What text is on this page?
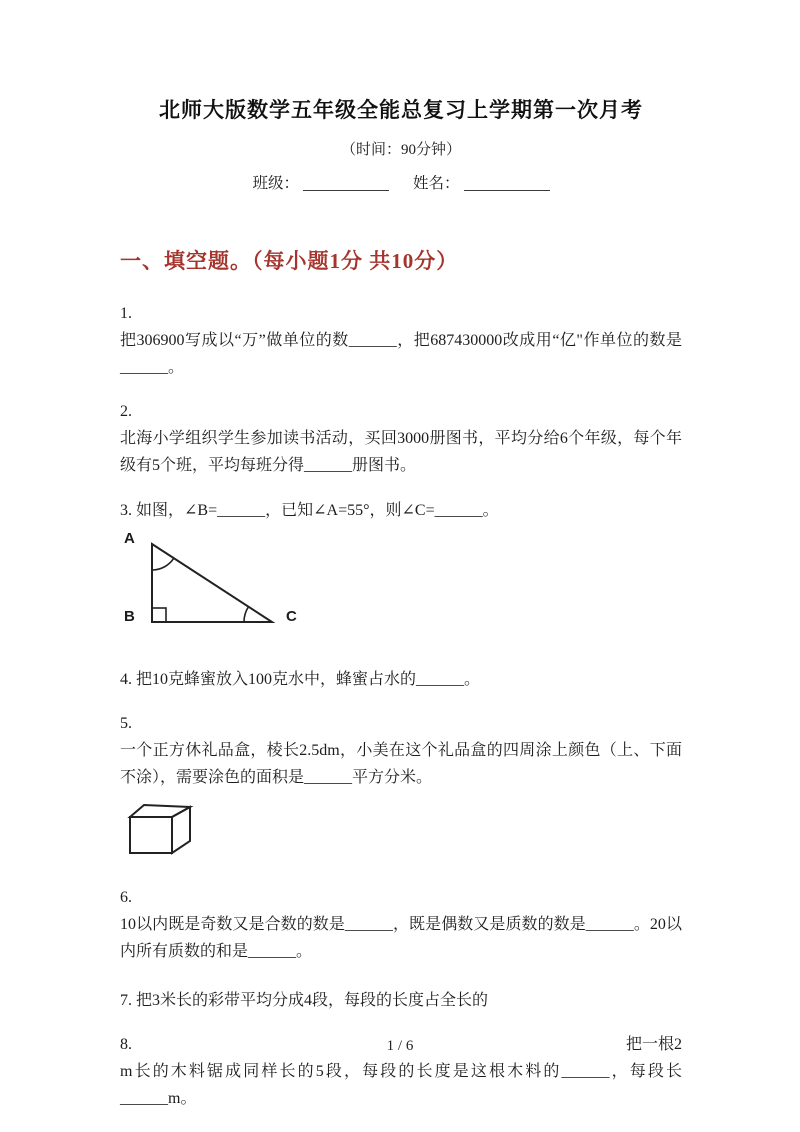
北师大版数学五年级全能总复习上学期第一次月考

（时间：90分钟）

班级：	姓名：

一、填空题。（每小题1分 共10分）
1.

把306900写成以“万”做单位的数______，把687430000改成用“亿"作单位的数是______。

2.

北海小学组织学生参加读书活动，买回3000册图书，平均分给6个年级，每个年级有5个班，平均每班分得______册图书。

3. 如图，∠B=______，已知∠A=55°，则∠C=______。

A
B	C

4. 把10克蜂蜜放入100克水中，蜂蜜占水的______。

5.

一个正方休礼品盒，棱长2.5dm，小美在这个礼品盒的四周涂上颜色（上、下面不涂），需要涂色的面积是______平方分米。

6.

10以内既是奇数又是合数的数是______，既是偶数又是质数的数是______。20以内所有质数的和是______。

7. 把3米长的彩带平均分成4段，每段的长度占全长的

8.	把一根2

m长的木料锯成同样长的5段，每段的长度是这根木料的______，每段长______m。

1 / 6
